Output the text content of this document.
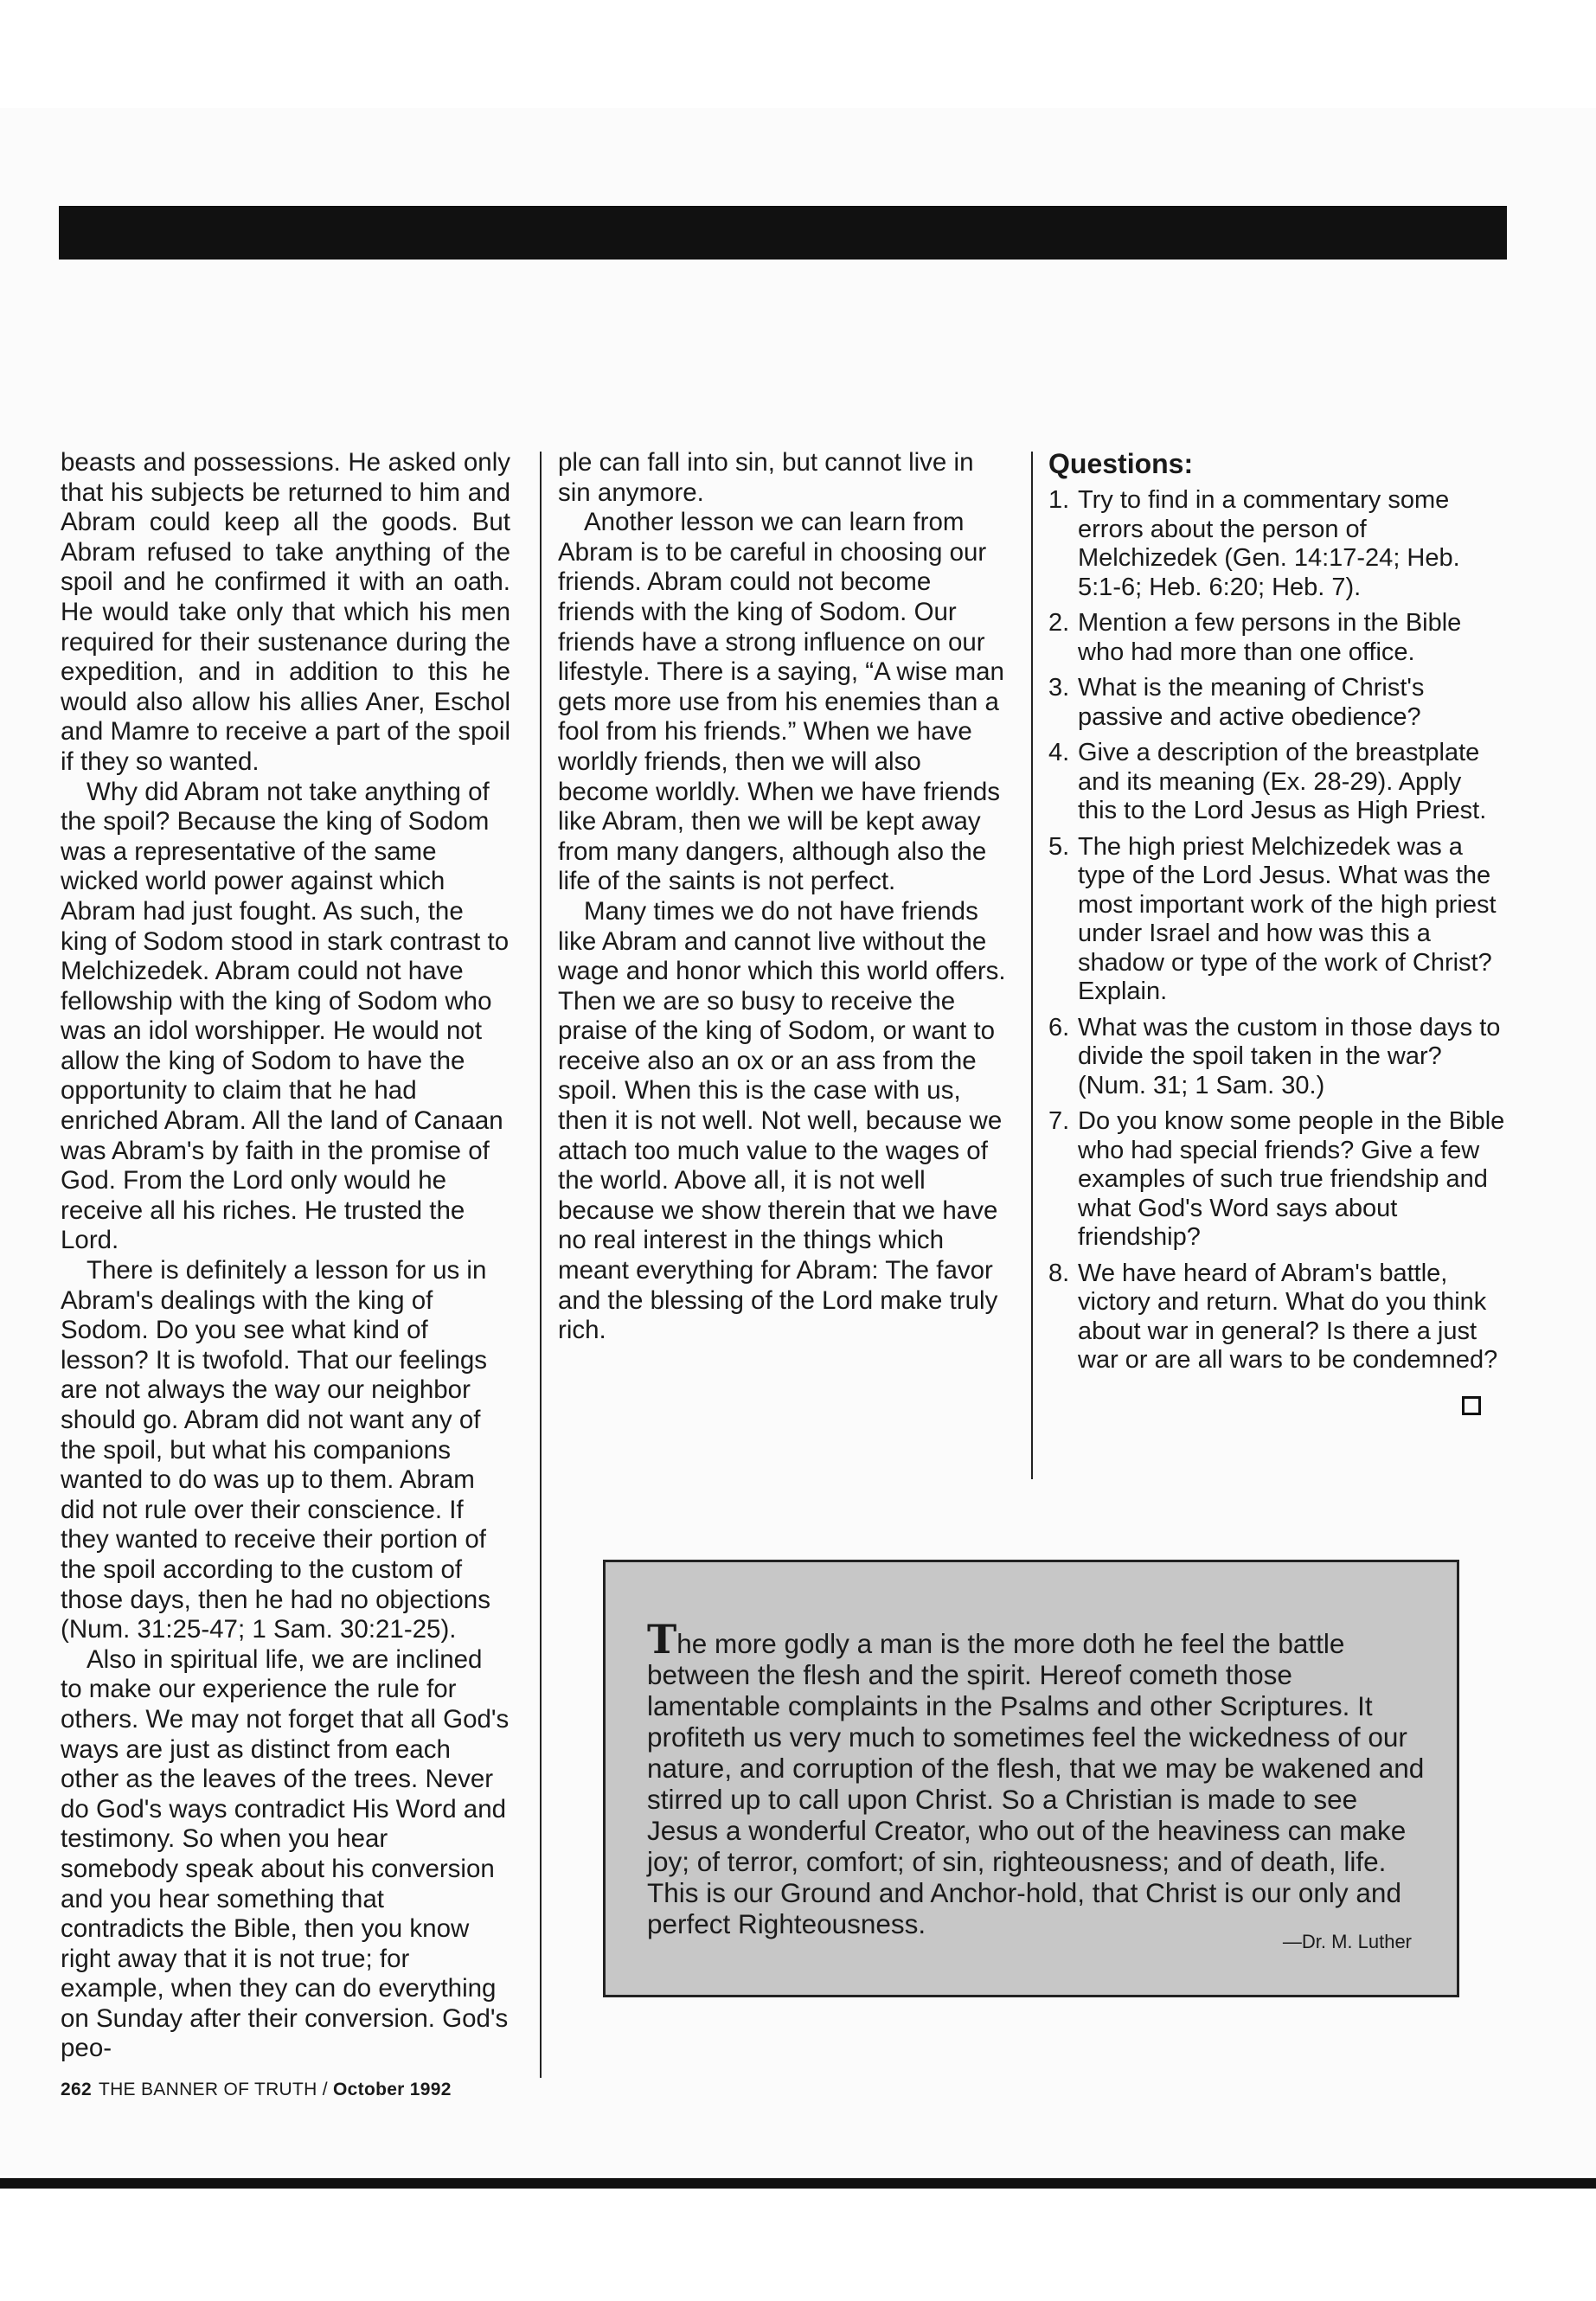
beasts and possessions. He asked only that his subjects be returned to him and Abram could keep all the goods. But Abram refused to take anything of the spoil and he confirmed it with an oath. He would take only that which his men required for their sustenance during the expedition, and in addition to this he would also allow his allies Aner, Eschol and Mamre to receive a part of the spoil if they so wanted.

Why did Abram not take anything of the spoil? Because the king of Sodom was a representative of the same wicked world power against which Abram had just fought. As such, the king of Sodom stood in stark contrast to Melchizedek. Abram could not have fellowship with the king of Sodom who was an idol worshipper. He would not allow the king of Sodom to have the opportunity to claim that he had enriched Abram. All the land of Canaan was Abram's by faith in the promise of God. From the Lord only would he receive all his riches. He trusted the Lord.

There is definitely a lesson for us in Abram's dealings with the king of Sodom. Do you see what kind of lesson? It is twofold. That our feelings are not always the way our neighbor should go. Abram did not want any of the spoil, but what his companions wanted to do was up to them. Abram did not rule over their conscience. If they wanted to receive their portion of the spoil according to the custom of those days, then he had no objections (Num. 31:25-47; 1 Sam. 30:21-25).

Also in spiritual life, we are inclined to make our experience the rule for others. We may not forget that all God's ways are just as distinct from each other as the leaves of the trees. Never do God's ways contradict His Word and testimony. So when you hear somebody speak about his conversion and you hear something that contradicts the Bible, then you know right away that it is not true; for example, when they can do everything on Sunday after their conversion. God's peo-

ple can fall into sin, but cannot live in sin anymore.

Another lesson we can learn from Abram is to be careful in choosing our friends. Abram could not become friends with the king of Sodom. Our friends have a strong influence on our lifestyle. There is a saying, “A wise man gets more use from his enemies than a fool from his friends.” When we have worldly friends, then we will also become worldly. When we have friends like Abram, then we will be kept away from many dangers, although also the life of the saints is not perfect.

Many times we do not have friends like Abram and cannot live without the wage and honor which this world offers. Then we are so busy to receive the praise of the king of Sodom, or want to receive also an ox or an ass from the spoil. When this is the case with us, then it is not well. Not well, because we attach too much value to the wages of the world. Above all, it is not well because we show therein that we have no real interest in the things which meant everything for Abram: The favor and the blessing of the Lord make truly rich.

Questions:
1. Try to find in a commentary some errors about the person of Melchizedek (Gen. 14:17-24; Heb. 5:1-6; Heb. 6:20; Heb. 7).
2. Mention a few persons in the Bible who had more than one office.
3. What is the meaning of Christ's passive and active obedience?
4. Give a description of the breastplate and its meaning (Ex. 28-29). Apply this to the Lord Jesus as High Priest.
5. The high priest Melchizedek was a type of the Lord Jesus. What was the most important work of the high priest under Israel and how was this a shadow or type of the work of Christ? Explain.
6. What was the custom in those days to divide the spoil taken in the war? (Num. 31; 1 Sam. 30.)
7. Do you know some people in the Bible who had special friends? Give a few examples of such true friendship and what God's Word says about friendship?
8. We have heard of Abram's battle, victory and return. What do you think about war in general? Is there a just war or are all wars to be condemned?

The more godly a man is the more doth he feel the battle between the flesh and the spirit. Hereof cometh those lamentable complaints in the Psalms and other Scriptures. It profiteth us very much to sometimes feel the wickedness of our nature, and corruption of the flesh, that we may be wakened and stirred up to call upon Christ. So a Christian is made to see Jesus a wonderful Creator, who out of the heaviness can make joy; of terror, comfort; of sin, righteousness; and of death, life. This is our Ground and Anchor-hold, that Christ is our only and perfect Righteousness.

—Dr. M. Luther

262 THE BANNER OF TRUTH / October 1992
